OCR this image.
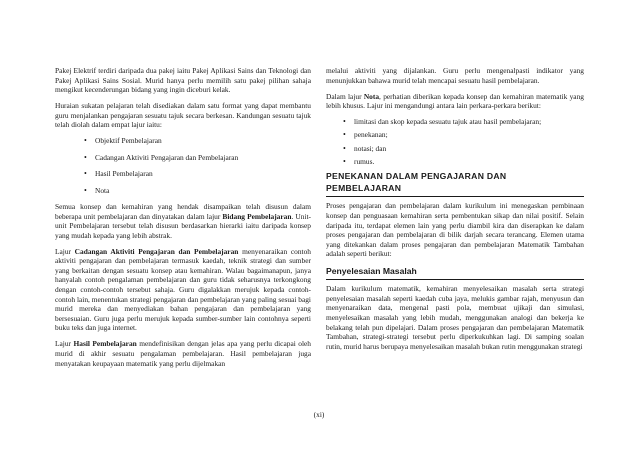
Pakej Elektrif terdiri daripada dua pakej iaitu Pakej Aplikasi Sains dan Teknologi dan Pakej Aplikasi Sains Sosial. Murid hanya perlu memilih satu pakej pilihan sahaja mengikut kecenderungan bidang yang ingin diceburi kelak.

Huraian sukatan pelajaran telah disediakan dalam satu format yang dapat membantu guru menjalankan pengajaran sesuatu tajuk secara berkesan. Kandungan sesuatu tajuk telah diolah dalam empat lajur iaitu:

• Objektif Pembelajaran
• Cadangan Aktiviti Pengajaran dan Pembelajaran
• Hasil Pembelajaran
• Nota

Semua konsep dan kemahiran yang hendak disampaikan telah disusun dalam beberapa unit pembelajaran dan dinyatakan dalam lajur Bidang Pembelajaran. Unit-unit Pembelajaran tersebut telah disusun berdasarkan hierarki iaitu daripada konsep yang mudah kepada yang lebih abstrak.

Lajur Cadangan Aktiviti Pengajaran dan Pembelajaran menyenaraikan contoh aktiviti pengajaran dan pembelajaran termasuk kaedah, teknik strategi dan sumber yang berkaitan dengan sesuatu konsep atau kemahiran. Walau bagaimanapun, janya hanyalah contoh pengalaman pembelajaran dan guru tidak seharusnya terkongkong dengan contoh-contoh tersebut sahaja. Guru digalakkan merujuk kepada contoh-contoh lain, menentukan strategi pengajaran dan pembelajaran yang paling sesuai bagi murid mereka dan menyediakan bahan pengajaran dan pembelajaran yang bersesuaian. Guru juga perlu merujuk kepada sumber-sumber lain contohnya seperti buku teks dan juga internet.

Lajur Hasil Pembelajaran mendefinisikan dengan jelas apa yang perlu dicapai oleh murid di akhir sesuatu pengalaman pembelajaran. Hasil pembelajaran juga menyatakan keupayaan matematik yang perlu dijelmakan

melalui aktiviti yang dijalankan. Guru perlu mengenalpasti indikator yang menunjukkan bahawa murid telah mencapai sesuatu hasil pembelajaran.

Dalam lajur Nota, perhatian diberikan kepada konsep dan kemahiran matematik yang lebih khusus. Lajur ini mengandungi antara lain perkara-perkara berikut:

• limitasi dan skop kepada sesuatu tajuk atau hasil pembelajaran;
• penekanan;
• notasi; dan
• rumus.
PENEKANAN DALAM PENGAJARAN DAN PEMBELAJARAN

Proses pengajaran dan pembelajaran dalam kurikulum ini menegaskan pembinaan konsep dan penguasaan kemahiran serta pembentukan sikap dan nilai positif. Selain daripada itu, terdapat elemen lain yang perlu diambil kira dan diserapkan ke dalam proses pengajaran dan pembelajaran di bilik darjah secara terancang. Elemen utama yang ditekankan dalam proses pengajaran dan pembelajaran Matematik Tambahan adalah seperti berikut:

Penyelesaian Masalah

Dalam kurikulum matematik, kemahiran menyelesaikan masalah serta strategi penyelesaian masalah seperti kaedah cuba jaya, melukis gambar rajah, menyusun dan menyenaraikan data, mengenal pasti pola, membuat ujikaji dan simulasi, menyelesaikan masalah yang lebih mudah, menggunakan analogi dan bekerja ke belakang telah pun dipelajari. Dalam proses pengajaran dan pembelajaran Matematik Tambahan, strategi-strategi tersebut perlu diperkukuhkan lagi. Di samping soalan rutin, murid harus berupaya menyelesaikan masalah bukan rutin menggunakan strategi

(xi)
